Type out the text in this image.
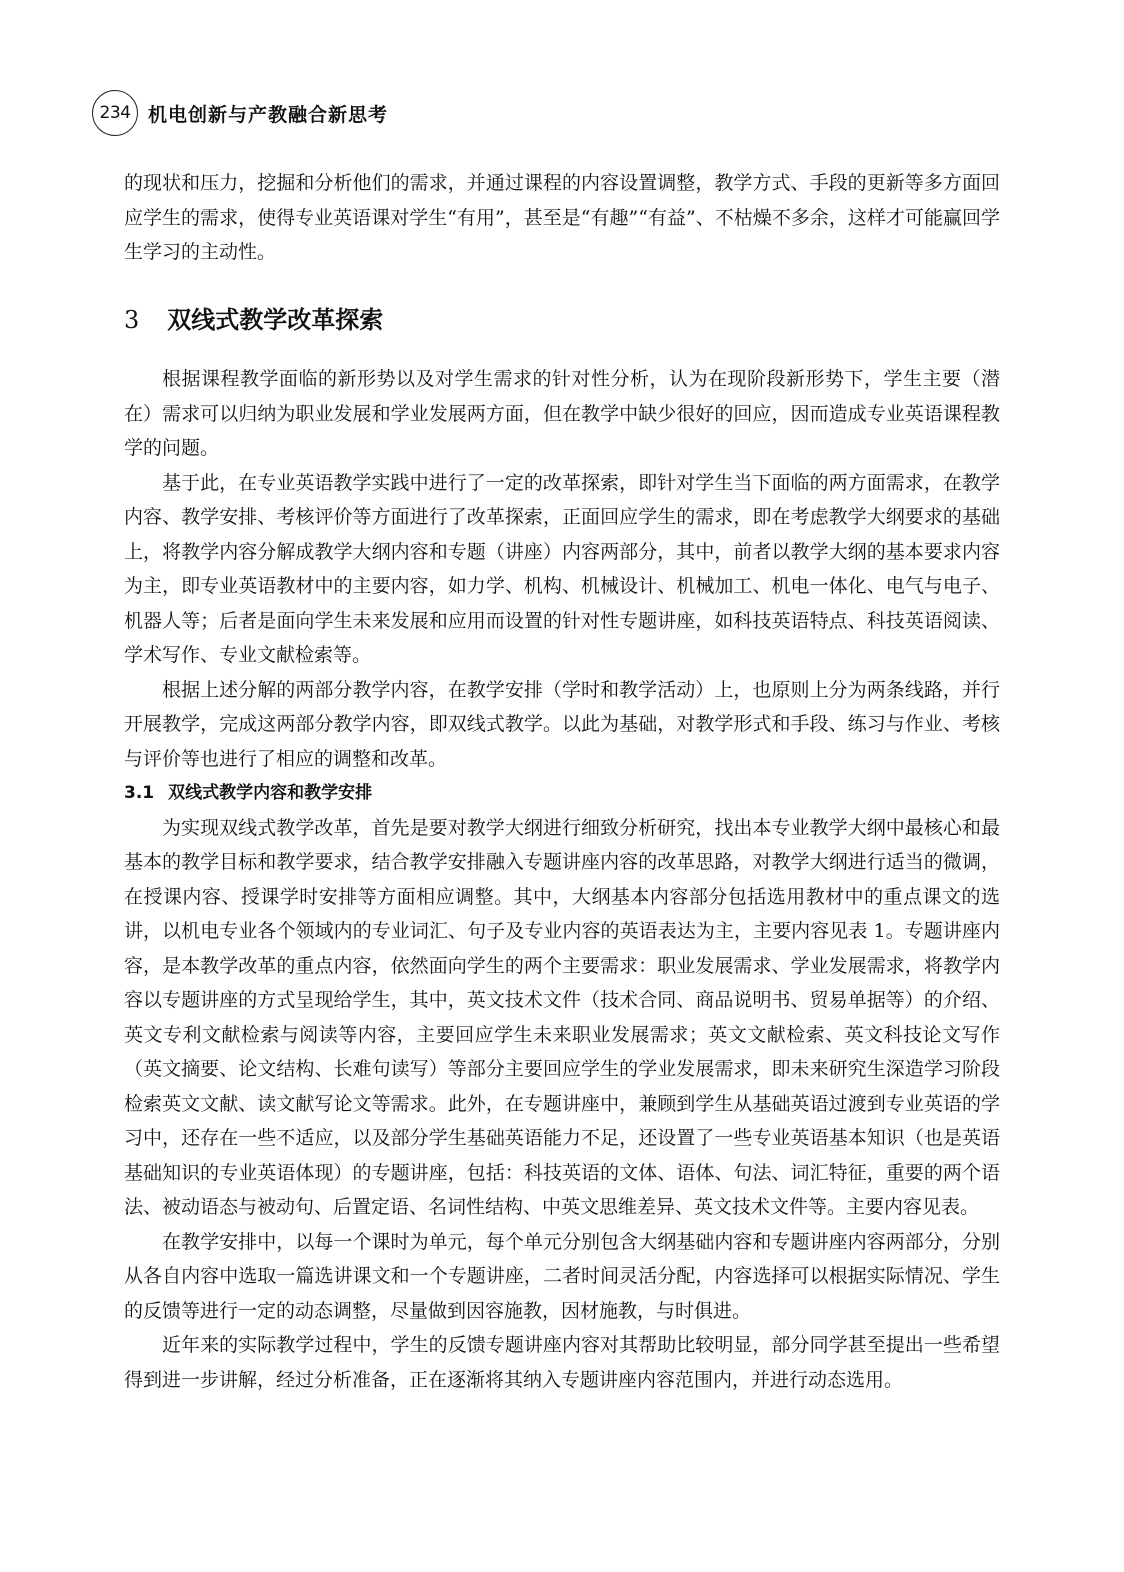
234 机电创新与产教融合新思考

的现状和压力，挖掘和分析他们的需求，并通过课程的内容设置调整，教学方式、手段的更新等多方面回应学生的需求，使得专业英语课对学生“有用”，甚至是“有趣”“有益”、不枯燥不多余，这样才可能赢回学生学习的主动性。

3 双线式教学改革探索

根据课程教学面临的新形势以及对学生需求的针对性分析，认为在现阶段新形势下，学生主要（潜在）需求可以归纳为职业发展和学业发展两方面，但在教学中缺少很好的回应，因而造成专业英语课程教学的问题。

基于此，在专业英语教学实践中进行了一定的改革探索，即针对学生当下面临的两方面需求，在教学内容、教学安排、考核评价等方面进行了改革探索，正面回应学生的需求，即在考虑教学大纲要求的基础上，将教学内容分解成教学大纲内容和专题（讲座）内容两部分，其中，前者以教学大纲的基本要求内容为主，即专业英语教材中的主要内容，如力学、机构、机械设计、机械加工、机电一体化、电气与电子、机器人等；后者是面向学生未来发展和应用而设置的针对性专题讲座，如科技英语特点、科技英语阅读、学术写作、专业文献检索等。

根据上述分解的两部分教学内容，在教学安排（学时和教学活动）上，也原则上分为两条线路，并行开展教学，完成这两部分教学内容，即双线式教学。以此为基础，对教学形式和手段、练习与作业、考核与评价等也进行了相应的调整和改革。

3.1 双线式教学内容和教学安排

为实现双线式教学改革，首先是要对教学大纲进行细致分析研究，找出本专业教学大纲中最核心和最基本的教学目标和教学要求，结合教学安排融入专题讲座内容的改革思路，对教学大纲进行适当的微调，在授课内容、授课学时安排等方面相应调整。其中，大纲基本内容部分包括选用教材中的重点课文的选讲，以机电专业各个领域内的专业词汇、句子及专业内容的英语表达为主，主要内容见表 1。专题讲座内容，是本教学改革的重点内容，依然面向学生的两个主要需求：职业发展需求、学业发展需求，将教学内容以专题讲座的方式呈现给学生，其中，英文技术文件（技术合同、商品说明书、贸易单据等）的介绍、英文专利文献检索与阅读等内容，主要回应学生未来职业发展需求；英文文献检索、英文科技论文写作（英文摘要、论文结构、长难句读写）等部分主要回应学生的学业发展需求，即未来研究生深造学习阶段检索英文文献、读文献写论文等需求。此外，在专题讲座中，兼顾到学生从基础英语过渡到专业英语的学习中，还存在一些不适应，以及部分学生基础英语能力不足，还设置了一些专业英语基本知识（也是英语基础知识的专业英语体现）的专题讲座，包括：科技英语的文体、语体、句法、词汇特征，重要的两个语法、被动语态与被动句、后置定语、名词性结构、中英文思维差异、英文技术文件等。主要内容见表。

在教学安排中，以每一个课时为单元，每个单元分别包含大纲基础内容和专题讲座内容两部分，分别从各自内容中选取一篇选讲课文和一个专题讲座，二者时间灵活分配，内容选择可以根据实际情况、学生的反馈等进行一定的动态调整，尽量做到因容施教，因材施教，与时俱进。

近年来的实际教学过程中，学生的反馈专题讲座内容对其帮助比较明显，部分同学甚至提出一些希望得到进一步讲解，经过分析准备，正在逐渐将其纳入专题讲座内容范围内，并进行动态选用。
